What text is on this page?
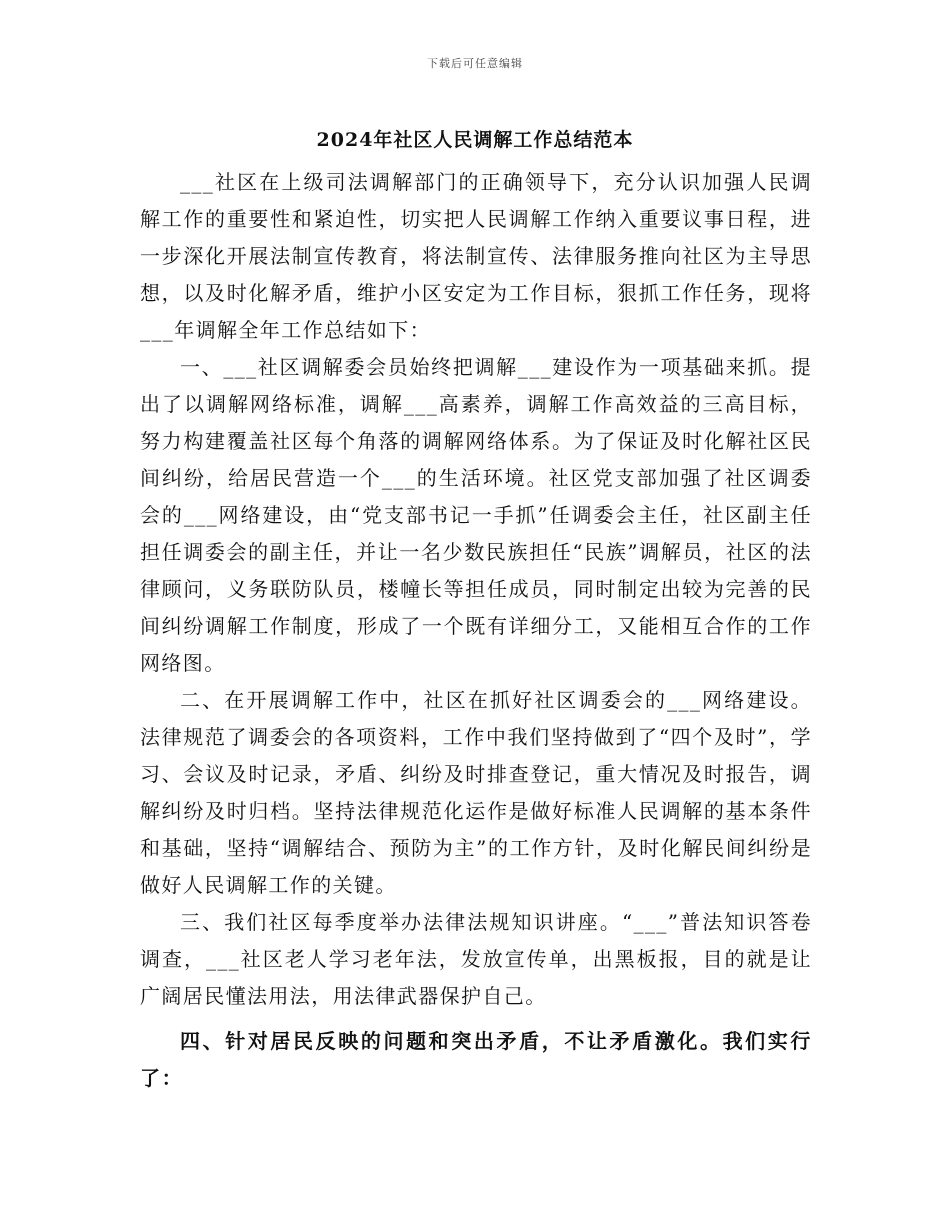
下载后可任意编辑
2024年社区人民调解工作总结范本

___社区在上级司法调解部门的正确领导下，充分认识加强人民调解工作的重要性和紧迫性，切实把人民调解工作纳入重要议事日程，进一步深化开展法制宣传教育，将法制宣传、法律服务推向社区为主导思想，以及时化解矛盾，维护小区安定为工作目标，狠抓工作任务，现将___年调解全年工作总结如下：

一、___社区调解委会员始终把调解___建设作为一项基础来抓。提出了以调解网络标准，调解___高素养，调解工作高效益的三高目标，努力构建覆盖社区每个角落的调解网络体系。为了保证及时化解社区民间纠纷，给居民营造一个___的生活环境。社区党支部加强了社区调委会的___网络建设，由“党支部书记一手抓”任调委会主任，社区副主任担任调委会的副主任，并让一名少数民族担任“民族”调解员，社区的法律顾问，义务联防队员，楼幢长等担任成员，同时制定出较为完善的民间纠纷调解工作制度，形成了一个既有详细分工，又能相互合作的工作网络图。

二、在开展调解工作中，社区在抓好社区调委会的___网络建设。法律规范了调委会的各项资料，工作中我们坚持做到了“四个及时”，学习、会议及时记录，矛盾、纠纷及时排查登记，重大情况及时报告，调解纠纷及时归档。坚持法律规范化运作是做好标准人民调解的基本条件和基础，坚持“调解结合、预防为主”的工作方针，及时化解民间纠纷是做好人民调解工作的关键。

三、我们社区每季度举办法律法规知识讲座。“___”普法知识答卷调查，___社区老人学习老年法，发放宣传单，出黑板报，目的就是让广阔居民懂法用法，用法律武器保护自己。

四、针对居民反映的问题和突出矛盾，不让矛盾激化。我们实行了：
